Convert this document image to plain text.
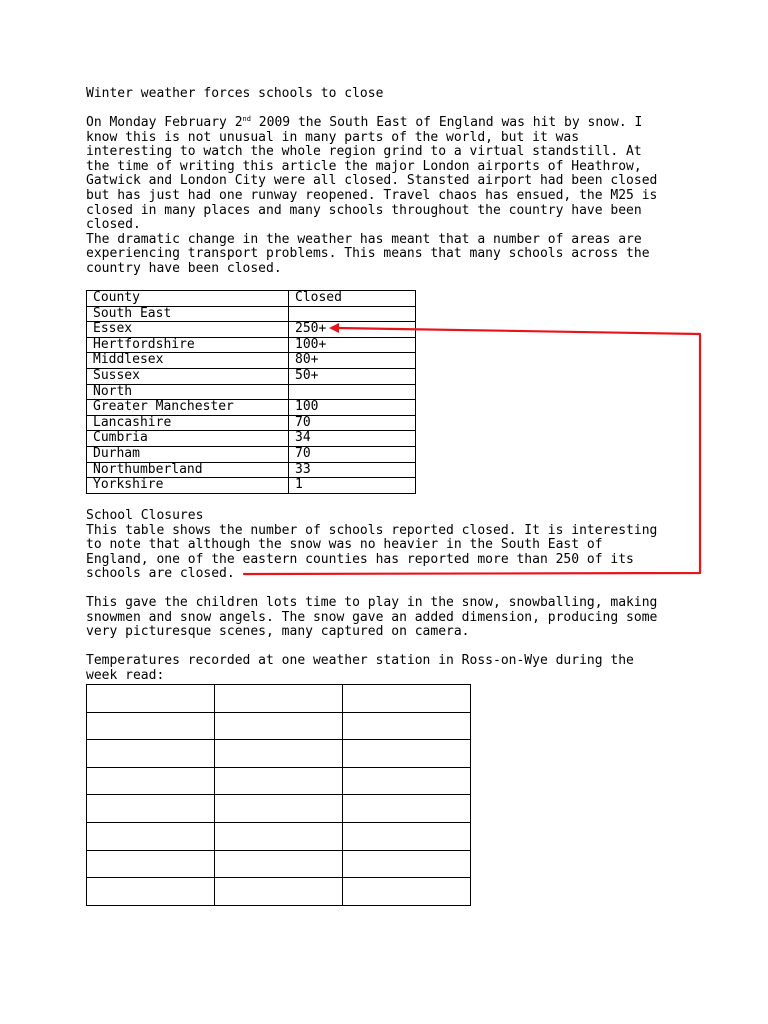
Winter weather forces schools to close

On Monday February 2nd 2009 the South East of England was hit by snow. I
know this is not unusual in many parts of the world, but it was
interesting to watch the whole region grind to a virtual standstill. At
the time of writing this article the major London airports of Heathrow,
Gatwick and London City were all closed. Stansted airport had been closed
but has just had one runway reopened. Travel chaos has ensued, the M25 is
closed in many places and many schools throughout the country have been
closed.
The dramatic change in the weather has meant that a number of areas are
experiencing transport problems. This means that many schools across the
country have been closed.

County	Closed
South East	
Essex	250+
Hertfordshire	100+
Middlesex	80+
Sussex	50+
North	
Greater Manchester	100
Lancashire	70
Cumbria	34
Durham	70
Northumberland	33
Yorkshire	1

School Closures
This table shows the number of schools reported closed. It is interesting
to note that although the snow was no heavier in the South East of
England, one of the eastern counties has reported more than 250 of its
schools are closed.

This gave the children lots time to play in the snow, snowballing, making
snowmen and snow angels. The snow gave an added dimension, producing some
very picturesque scenes, many captured on camera.

Temperatures recorded at one weather station in Ross-on-Wye during the
week read:
